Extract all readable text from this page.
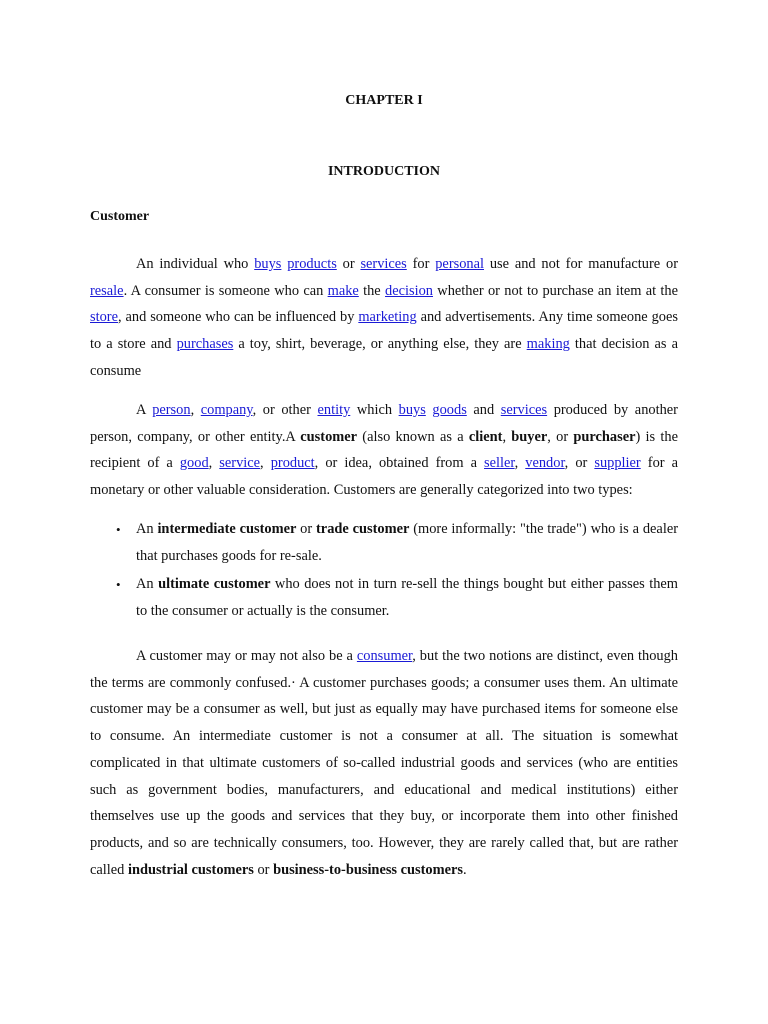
CHAPTER I
INTRODUCTION
Customer

An individual who buys products or services for personal use and not for manufacture or resale. A consumer is someone who can make the decision whether or not to purchase an item at the store, and someone who can be influenced by marketing and advertisements. Any time someone goes to a store and purchases a toy, shirt, beverage, or anything else, they are making that decision as a consume

A person, company, or other entity which buys goods and services produced by another person, company, or other entity.A customer (also known as a client, buyer, or purchaser) is the recipient of a good, service, product, or idea, obtained from a seller, vendor, or supplier for a monetary or other valuable consideration. Customers are generally categorized into two types:

• An intermediate customer or trade customer (more informally: "the trade") who is a dealer that purchases goods for re-sale.
• An ultimate customer who does not in turn re-sell the things bought but either passes them to the consumer or actually is the consumer.

A customer may or may not also be a consumer, but the two notions are distinct, even though the terms are commonly confused.· A customer purchases goods; a consumer uses them. An ultimate customer may be a consumer as well, but just as equally may have purchased items for someone else to consume. An intermediate customer is not a consumer at all. The situation is somewhat complicated in that ultimate customers of so-called industrial goods and services (who are entities such as government bodies, manufacturers, and educational and medical institutions) either themselves use up the goods and services that they buy, or incorporate them into other finished products, and so are technically consumers, too. However, they are rarely called that, but are rather called industrial customers or business-to-business customers.
